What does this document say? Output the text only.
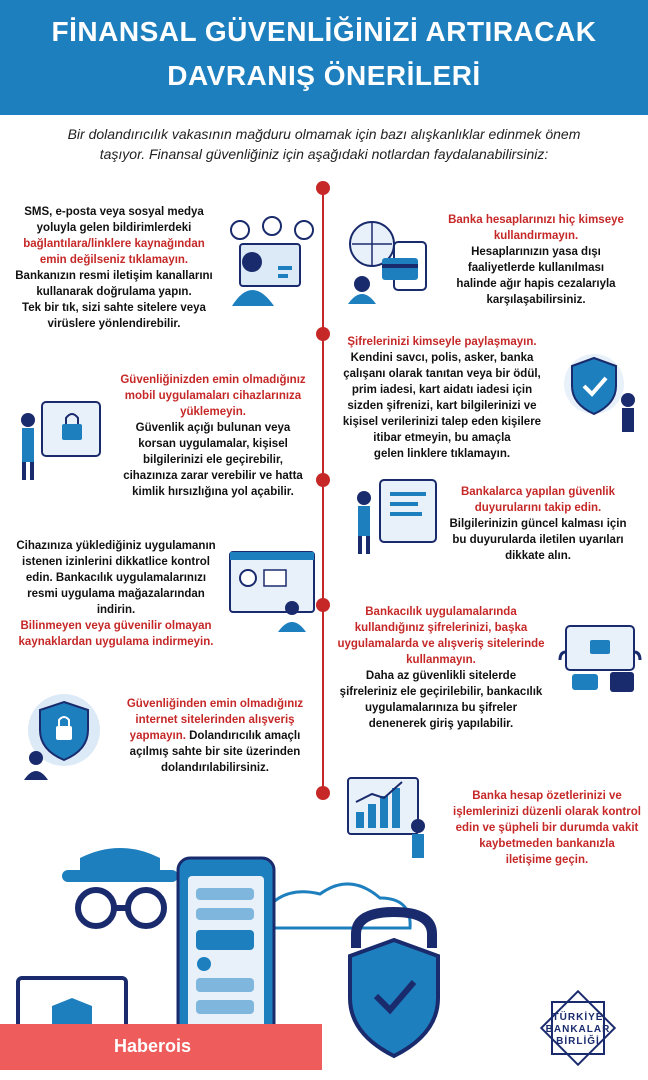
FİNANSAL GÜVENLİĞİNİZİ ARTIRACAK
DAVRANIŞ ÖNERİLERİ
Bir dolandırıcılık vakasının mağduru olmamak için bazı alışkanlıklar edinmek önem
taşıyor. Finansal güvenliğiniz için aşağıdaki notlardan faydalanabilirsiniz:
SMS, e-posta veya sosyal medya
yoluyla gelen bildirimlerdeki
bağlantılara/linklere kaynağından
emin değilseniz tıklamayın.
Bankanızın resmi iletişim kanallarını
kullanarak doğrulama yapın.
Tek bir tık, sizi sahte sitelere veya
virüslere yönlendirebilir.
Banka hesaplarınızı hiç kimseye
kullandırmayın.
Hesaplarınızın yasa dışı
faaliyetlerde kullanılması
halinde ağır hapis cezalarıyla
karşılaşabilirsiniz.
Şifrelerinizi kimseyle paylaşmayın.
Kendini savcı, polis, asker, banka
çalışanı olarak tanıtan veya bir ödül,
prim iadesi, kart aidatı iadesi için
sizden şifrenizi, kart bilgilerinizi ve
kişisel verilerinizi talep eden kişilere
itibar etmeyin, bu amaçla
gelen linklere tıklamayın.
Güvenliğinizden emin olmadığınız
mobil uygulamaları cihazlarınıza
yüklemeyin.
Güvenlik açığı bulunan veya
korsan uygulamalar, kişisel
bilgilerinizi ele geçirebilir,
cihazınıza zarar verebilir ve hatta
kimlik hırsızlığına yol açabilir.	Bankalarca yapılan güvenlik
duyurularını takip edin.
Bilgilerinizin güncel kalması için
bu duyurularda iletilen uyarıları
dikkate alın.
Cihazınıza yüklediğiniz uygulamanın
istenen izinlerini dikkatlice kontrol
edin. Bankacılık uygulamalarınızı
resmi uygulama mağazalarından
indirin.
Bilinmeyen veya güvenilir olmayan
kaynaklardan uygulama indirmeyin.
Bankacılık uygulamalarında
kullandığınız şifrelerinizi, başka
uygulamalarda ve alışveriş sitelerinde
kullanmayın.
Daha az güvenlikli sitelerde
şifreleriniz ele geçirilebilir, bankacılık
uygulamalarınıza bu şifreler
denenerek giriş yapılabilir.
Güvenliğinden emin olmadığınız
internet sitelerinden alışveriş
yapmayın. Dolandırıcılık amaçlı
açılmış sahte bir site üzerinden
dolandırılabilirsiniz.
Banka hesap özetlerinizi ve
işlemlerinizi düzenli olarak kontrol
edin ve şüpheli bir durumda vakit
kaybetmeden bankanızla
iletişime geçin.
Haberois
TÜRKİYE
BANKALAR
BİRLİĞİ
